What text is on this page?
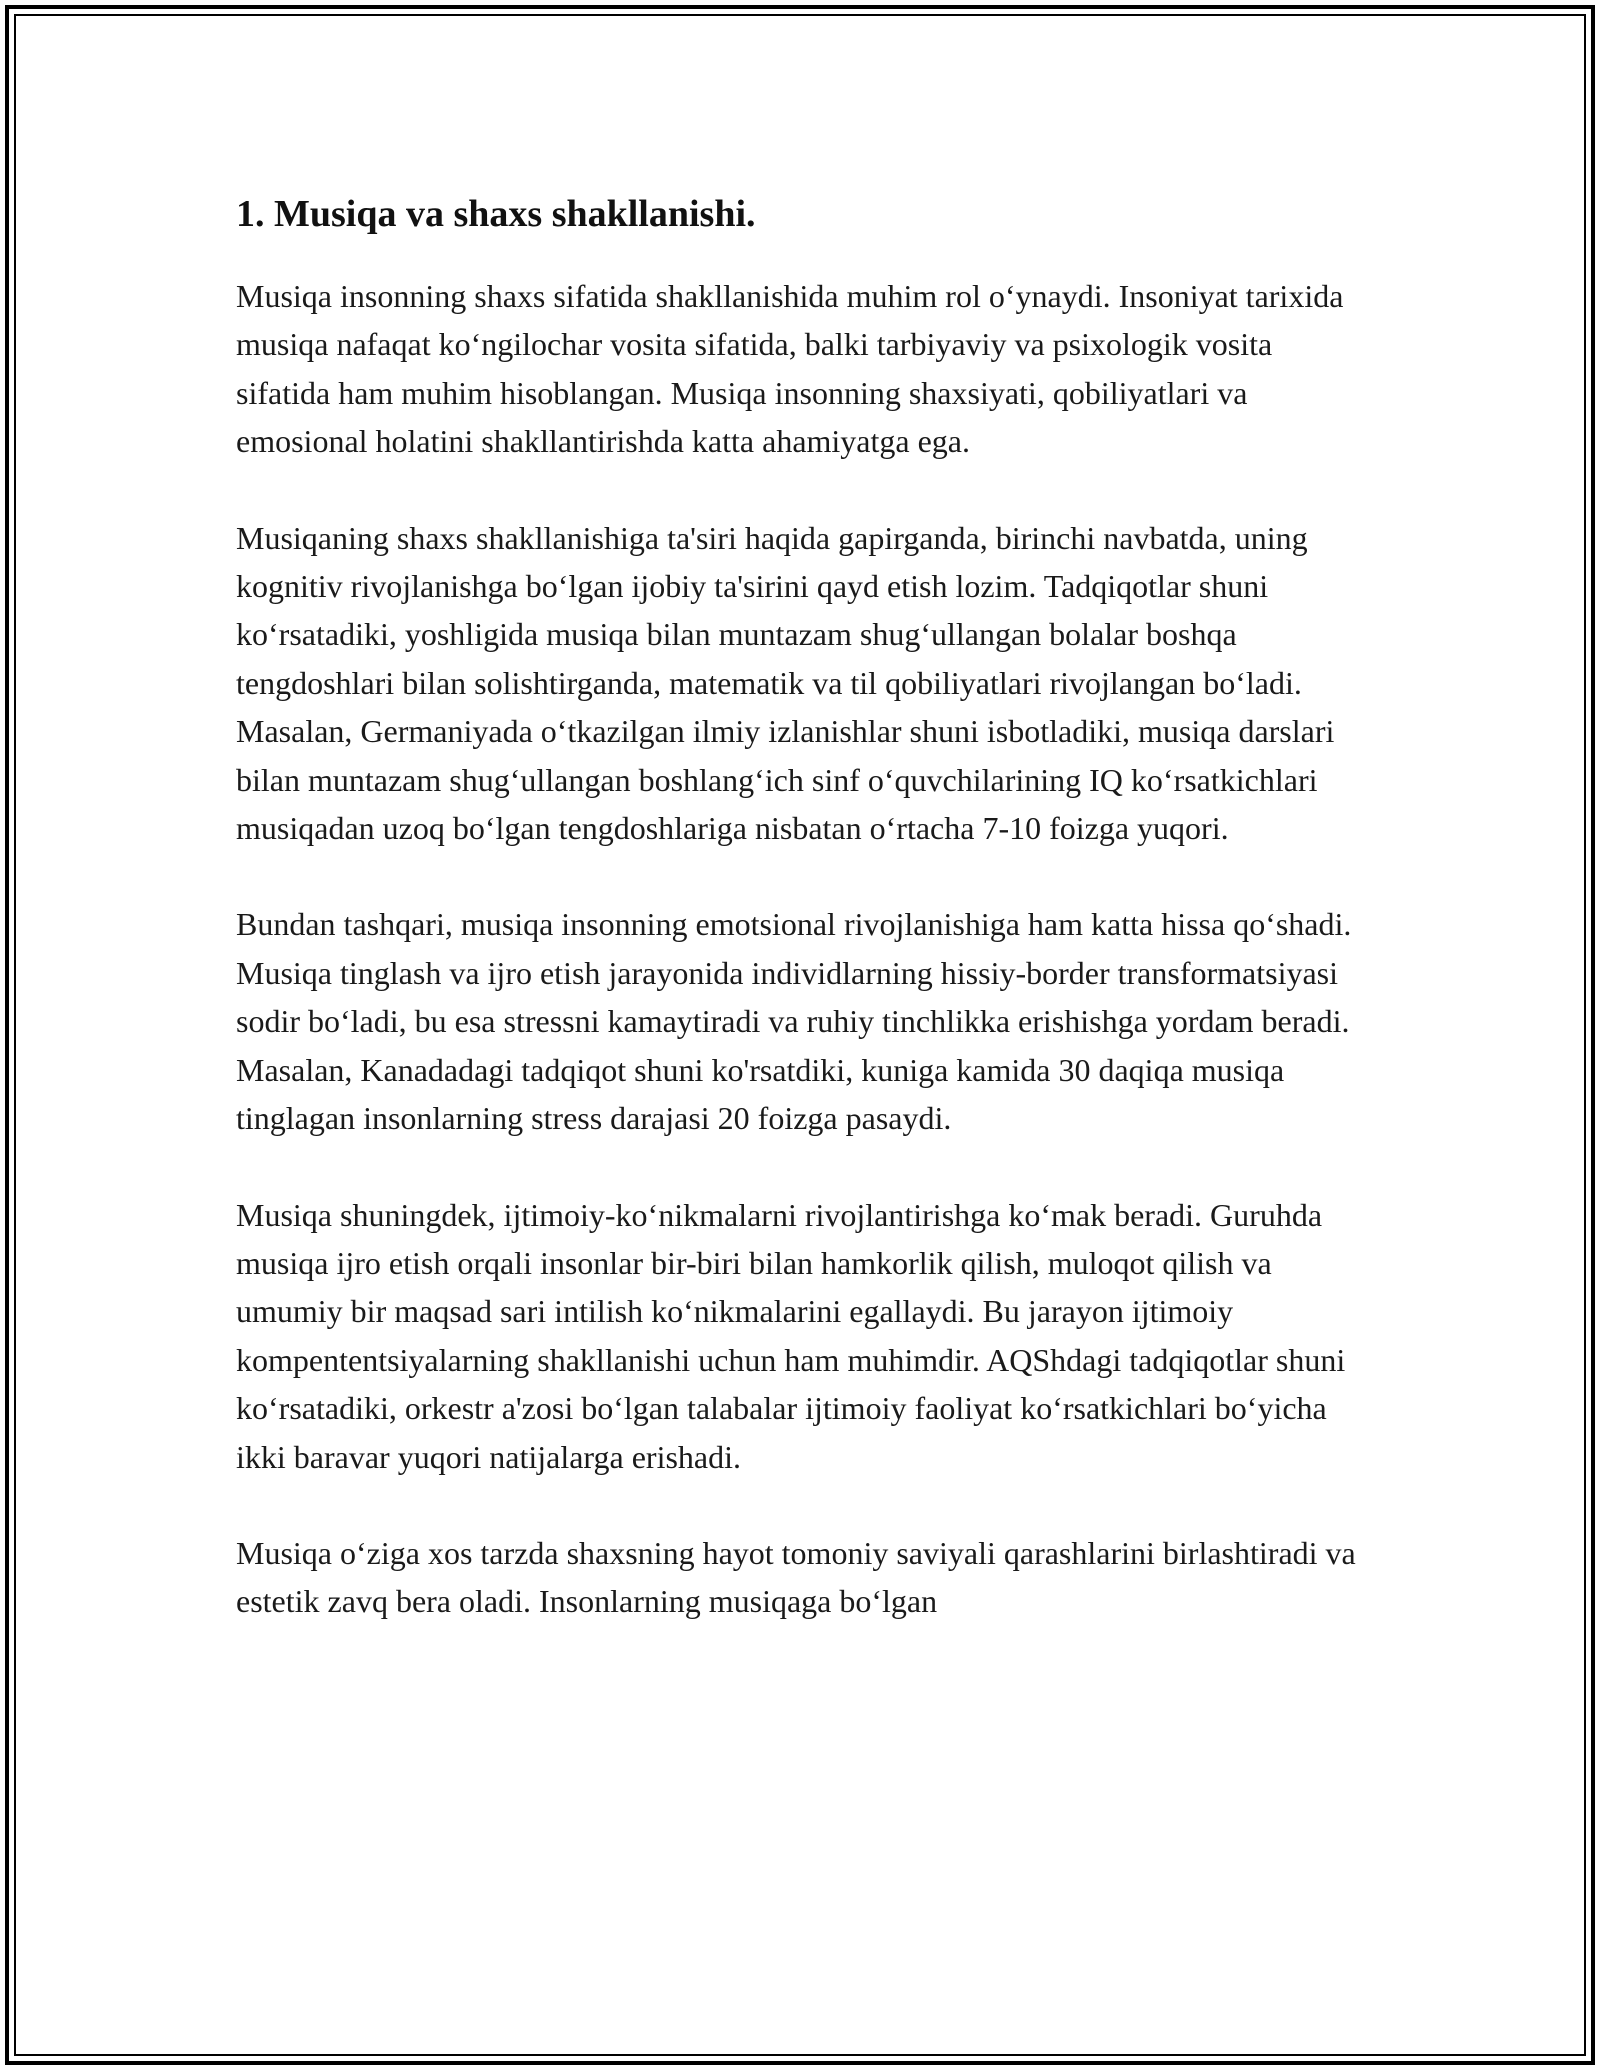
1. Musiqa va shaxs shakllanishi.

Musiqa insonning shaxs sifatida shakllanishida muhim rol o‘ynaydi. Insoniyat tarixida musiqa nafaqat ko‘ngilochar vosita sifatida, balki tarbiyaviy va psixologik vosita sifatida ham muhim hisoblangan. Musiqa insonning shaxsiyati, qobiliyatlari va emosional holatini shakllantirishda katta ahamiyatga ega.

Musiqaning shaxs shakllanishiga ta'siri haqida gapirganda, birinchi navbatda, uning kognitiv rivojlanishga bo‘lgan ijobiy ta'sirini qayd etish lozim. Tadqiqotlar shuni ko‘rsatadiki, yoshligida musiqa bilan muntazam shug‘ullangan bolalar boshqa tengdoshlari bilan solishtirganda, matematik va til qobiliyatlari rivojlangan bo‘ladi. Masalan, Germaniyada o‘tkazilgan ilmiy izlanishlar shuni isbotladiki, musiqa darslari bilan muntazam shug‘ullangan boshlang‘ich sinf o‘quvchilarining IQ ko‘rsatkichlari musiqadan uzoq bo‘lgan tengdoshlariga nisbatan o‘rtacha 7-10 foizga yuqori.

Bundan tashqari, musiqa insonning emotsional rivojlanishiga ham katta hissa qo‘shadi. Musiqa tinglash va ijro etish jarayonida individlarning hissiy-border transformatsiyasi sodir bo‘ladi, bu esa stressni kamaytiradi va ruhiy tinchlikka erishishga yordam beradi. Masalan, Kanadadagi tadqiqot shuni ko'rsatdiki, kuniga kamida 30 daqiqa musiqa tinglagan insonlarning stress darajasi 20 foizga pasaydi.

Musiqa shuningdek, ijtimoiy-ko‘nikmalarni rivojlantirishga ko‘mak beradi. Guruhda musiqa ijro etish orqali insonlar bir-biri bilan hamkorlik qilish, muloqot qilish va umumiy bir maqsad sari intilish ko‘nikmalarini egallaydi. Bu jarayon ijtimoiy kompententsiyalarning shakllanishi uchun ham muhimdir. AQShdagi tadqiqotlar shuni ko‘rsatadiki, orkestr a'zosi bo‘lgan talabalar ijtimoiy faoliyat ko‘rsatkichlari bo‘yicha ikki baravar yuqori natijalarga erishadi.

Musiqa o‘ziga xos tarzda shaxsning hayot tomoniy saviyali qarashlarini birlashtiradi va estetik zavq bera oladi. Insonlarning musiqaga bo‘lgan
